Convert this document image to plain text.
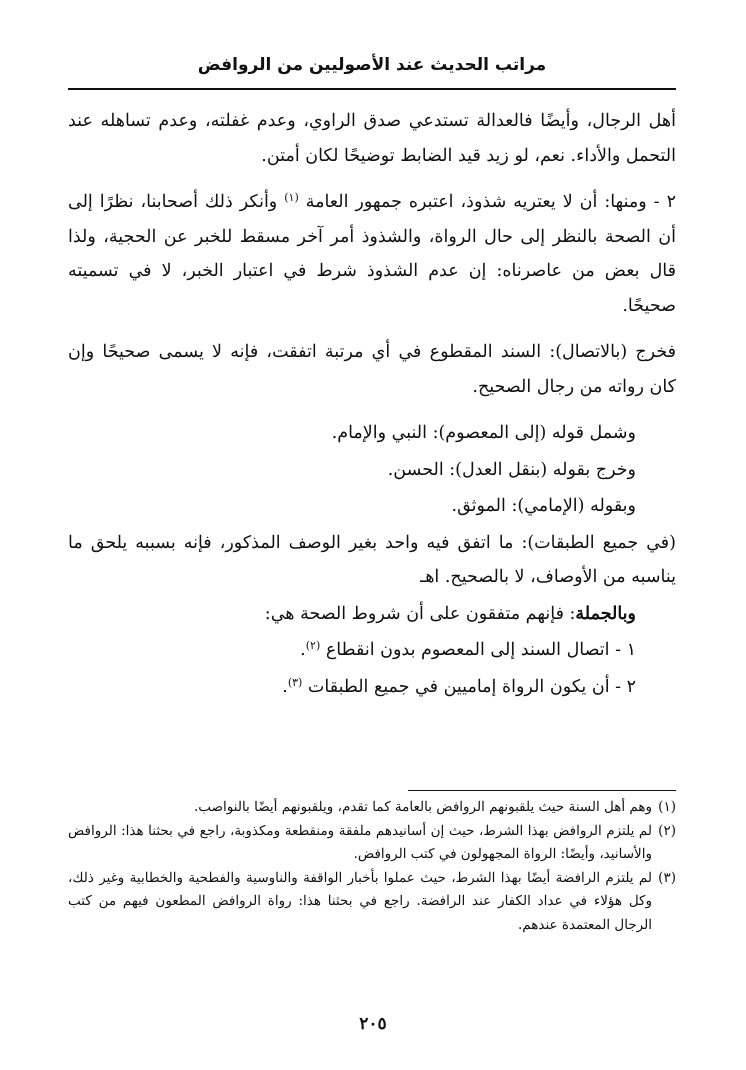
مراتب الحديث عند الأصوليين من الروافض

أهل الرجال، وأيضًا فالعدالة تستدعي صدق الراوي، وعدم غفلته، وعدم تساهله عند التحمل والأداء. نعم، لو زيد قيد الضابط توضيحًا لكان أمتن.

٢ - ومنها: أن لا يعتريه شذوذ، اعتبره جمهور العامة $^{(١)}$ وأنكر ذلك أصحابنا، نظرًا إلى أن الصحة بالنظر إلى حال الرواة، والشذوذ أمر آخر مسقط للخبر عن الحجية، ولذا قال بعض من عاصرناه: إن عدم الشذوذ شرط في اعتبار الخبر، لا في تسميته صحيحًا.

فخرج (بالاتصال): السند المقطوع في أي مرتبة اتفقت، فإنه لا يسمى صحيحًا وإن كان رواته من رجال الصحيح.

وشمل قوله (إلى المعصوم): النبي والإمام.

وخرج بقوله (بنقل العدل): الحسن.

وبقوله (الإمامي): الموثق.

(في جميع الطبقات): ما اتفق فيه واحد بغير الوصف المذكور، فإنه بسببه يلحق ما يناسبه من الأوصاف، لا بالصحيح. اهـ

وبالجملة: فإنهم متفقون على أن شروط الصحة هي:

١ - اتصال السند إلى المعصوم بدون انقطاع $^{(٢)}$.

٢ - أن يكون الرواة إماميين في جميع الطبقات $^{(٣)}$.

(١)
وهم أهل السنة حيث يلقبونهم الروافض بالعامة كما تقدم، ويلقبونهم أيضًا بالنواصب.

(٢)
لم يلتزم الروافض بهذا الشرط، حيث إن أسانيدهم ملفقة ومنقطعة ومكذوبة، راجع في بحثنا هذا: الروافض والأسانيد، وأيضًا: الرواة المجهولون في كتب الروافض.

(٣)
لم يلتزم الرافضة أيضًا بهذا الشرط، حيث عملوا بأخبار الواقفة والناوسية والفطحية والخطابية وغير ذلك، وكل هؤلاء في عداد الكفار عند الرافضة. راجع في بحثنا هذا: رواة الروافض المطعون فيهم من كتب الرجال المعتمدة عندهم.

٢٠٥
